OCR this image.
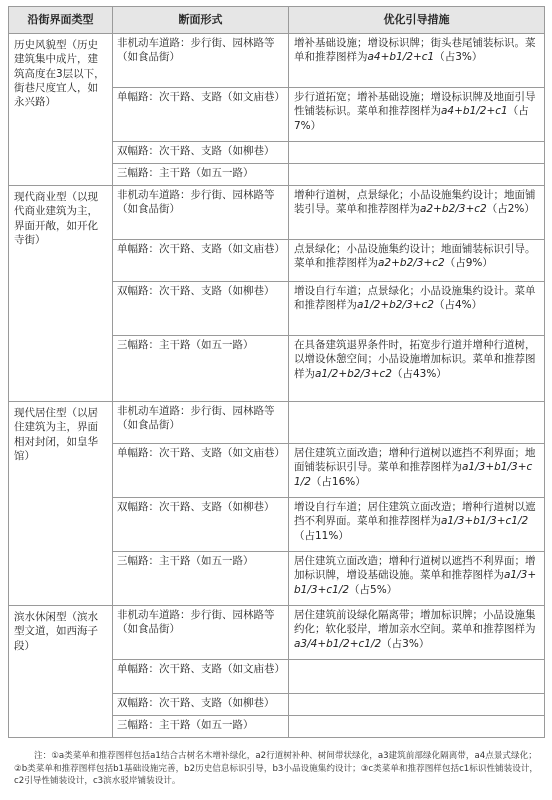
沿街界面类型	断面形式	优化引导措施
历史风貌型（历史建筑集中成片，建筑高度在3层以下，街巷尺度宜人，如永兴路）	非机动车道路：步行街、园林路等（如食品街）	增补基础设施；增设标识牌；街头巷尾铺装标识。菜单和推荐图样为a4+b1/2+c1（占3%）
	单幅路：次干路、支路（如文庙巷）	步行道拓宽；增补基础设施；增设标识牌及地面引导性铺装标识。菜单和推荐图样为a4+b1/2+c1（占7%）
	双幅路：次干路、支路（如柳巷）	
	三幅路：主干路（如五一路）	
现代商业型（以现代商业建筑为主，界面开敞，如开化寺街）	非机动车道路：步行街、园林路等（如食品街）	增种行道树，点景绿化；小品设施集约设计；地面铺装引导。菜单和推荐图样为a2+b2/3+c2（占2%）
	单幅路：次干路、支路（如文庙巷）	点景绿化；小品设施集约设计；地面铺装标识引导。菜单和推荐图样为a2+b2/3+c2（占9%）
	双幅路：次干路、支路（如柳巷）	增设自行车道；点景绿化；小品设施集约设计。菜单和推荐图样为a1/2+b2/3+c2（占4%）
	三幅路：主干路（如五一路）	在具备建筑退界条件时，拓宽步行道并增种行道树，以增设休憩空间；小品设施增加标识。菜单和推荐图样为a1/2+b2/3+c2（占43%）
现代居住型（以居住建筑为主，界面相对封闭，如皇华馆）	非机动车道路：步行街、园林路等（如食品街）	
	单幅路：次干路、支路（如文庙巷）	居住建筑立面改造；增种行道树以遮挡不利界面；地面铺装标识引导。菜单和推荐图样为a1/3+b1/3+c1/2（占16%）
	双幅路：次干路、支路（如柳巷）	增设自行车道；居住建筑立面改造；增种行道树以遮挡不利界面。菜单和推荐图样为a1/3+b1/3+c1/2（占11%）
	三幅路：主干路（如五一路）	居住建筑立面改造；增种行道树以遮挡不利界面；增加标识牌，增设基础设施。菜单和推荐图样为a1/3+b1/3+c1/2（占5%）
滨水休闲型（滨水型文道，如西海子段）	非机动车道路：步行街、园林路等（如食品街）	居住建筑前设绿化隔离带；增加标识牌；小品设施集约化；软化驳岸，增加亲水空间。菜单和推荐图样为a3/4+b1/2+c1/2（占3%）
	单幅路：次干路、支路（如文庙巷）	
	双幅路：次干路、支路（如柳巷）	
	三幅路：主干路（如五一路）	
注：①a类菜单和推荐图样包括a1结合古树名木增补绿化，a2行道树补种、树间带状绿化，a3建筑前部绿化隔离带，a4点景式绿化；②b类菜单和推荐图样包括b1基础设施完善，b2历史信息标识引导，b3小品设施集约设计；③c类菜单和推荐图样包括c1标识性铺装设计，c2引导性铺装设计，c3滨水驳岸铺装设计。
